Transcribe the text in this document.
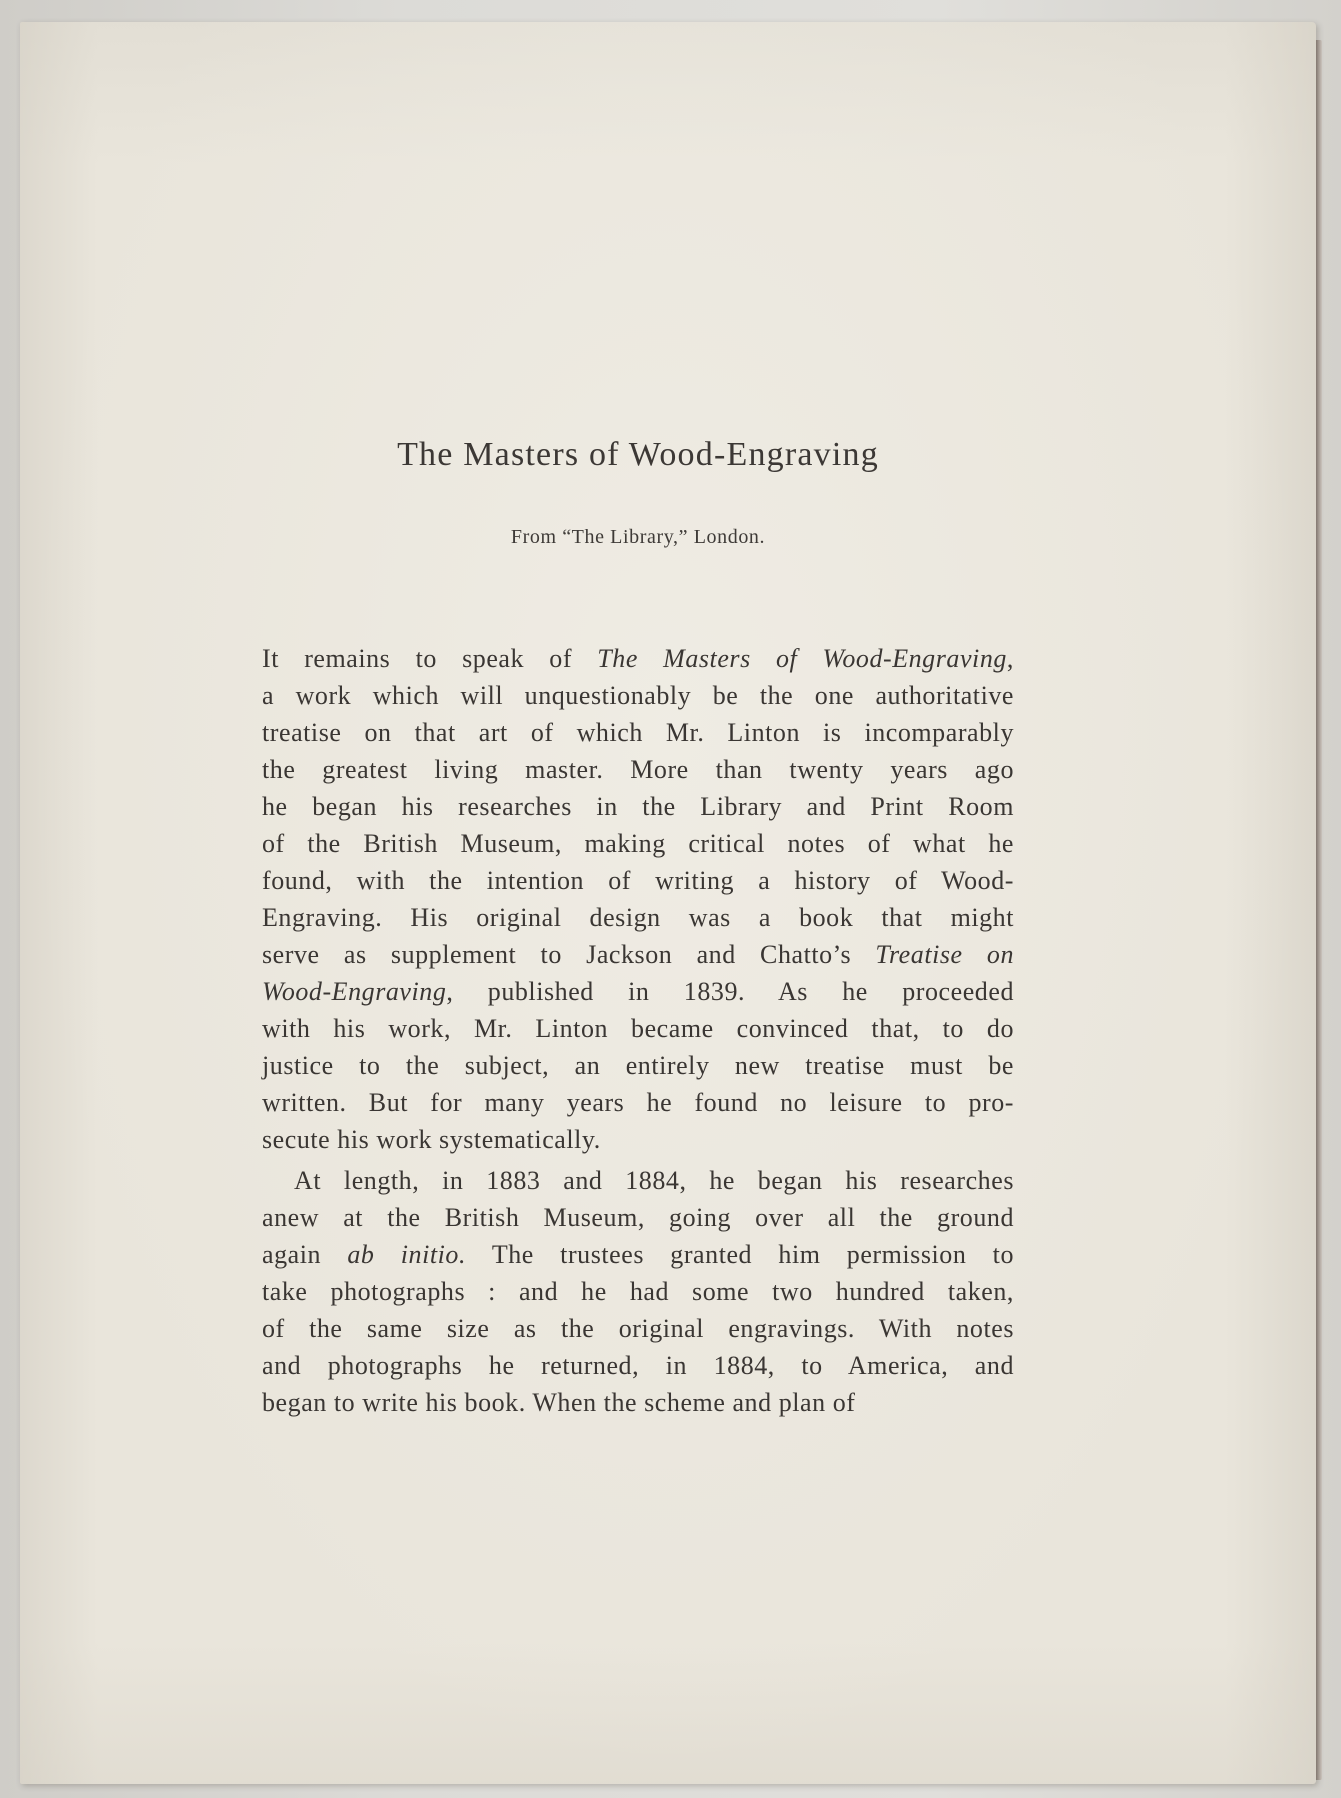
The Masters of Wood-Engraving
From “The Library,” London.
It remains to speak of The Masters of Wood-Engraving,
a work which will unquestionably be the one authoritative
treatise on that art of which Mr. Linton is incomparably
the greatest living master. More than twenty years ago
he began his researches in the Library and Print Room
of the British Museum, making critical notes of what he
found, with the intention of writing a history of Wood-
Engraving. His original design was a book that might
serve as supplement to Jackson and Chatto’s Treatise on
Wood-Engraving, published in 1839. As he proceeded
with his work, Mr. Linton became convinced that, to do
justice to the subject, an entirely new treatise must be
written. But for many years he found no leisure to pro-
secute his work systematically.
At length, in 1883 and 1884, he began his researches
anew at the British Museum, going over all the ground
again ab initio. The trustees granted him permission to
take photographs : and he had some two hundred taken,
of the same size as the original engravings. With notes
and photographs he returned, in 1884, to America, and
began to write his book. When the scheme and plan of
